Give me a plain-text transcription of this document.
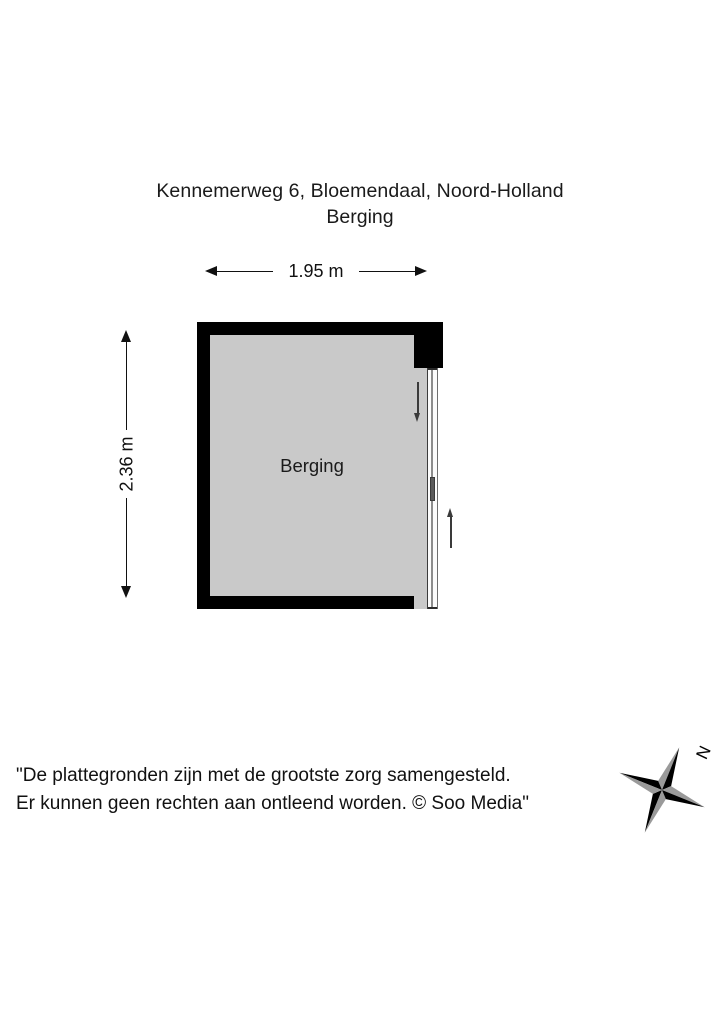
Kennemerweg 6, Bloemendaal, Noord-Holland
Berging
1.95 m
2.36 m	Berging
"De plattegronden zijn met de grootste zorg samengesteld.
Er kunnen geen rechten aan ontleend worden. © Soo Media"
N
